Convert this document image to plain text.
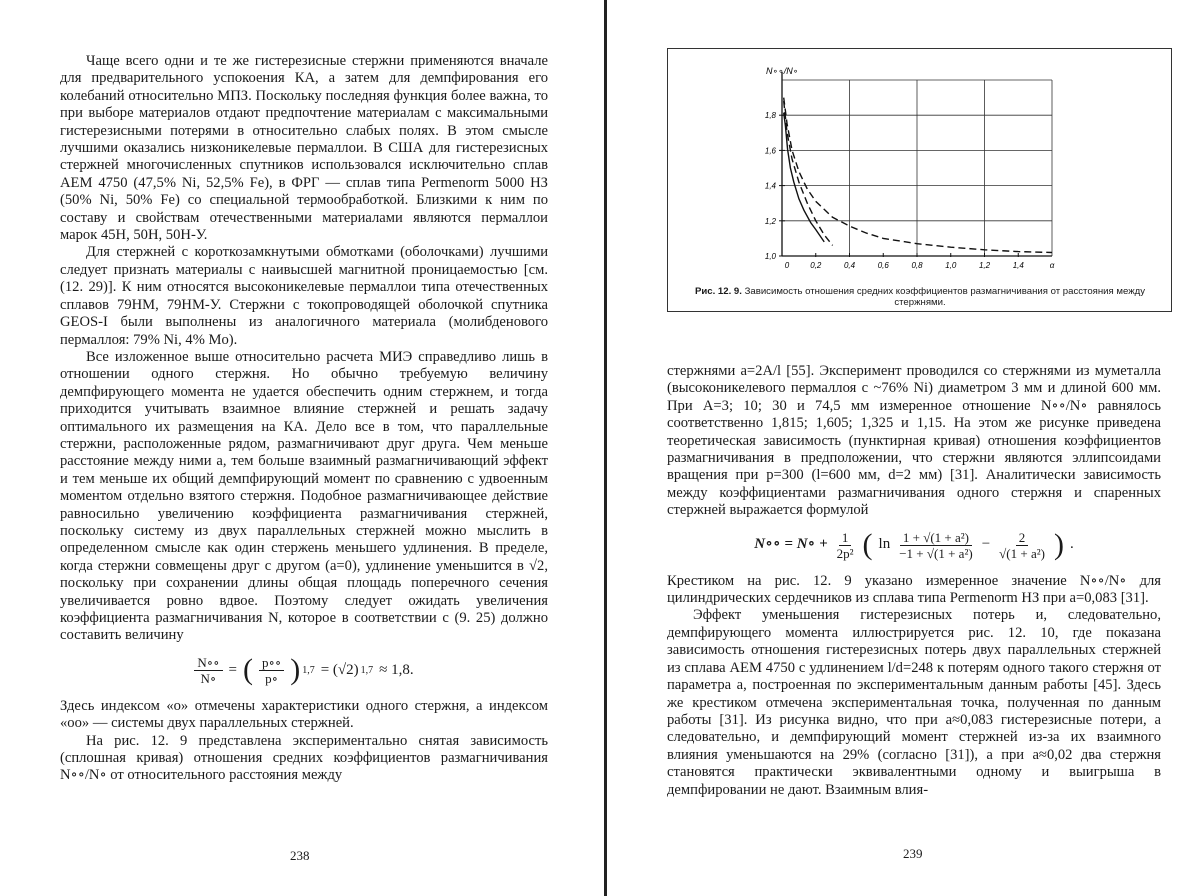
Чаще всего одни и те же гистерезисные стержни применяются вначале для предварительного успокоения КА, а затем для демпфирования его колебаний относительно МПЗ. Поскольку последняя функция более важна, то при выборе материалов отдают предпочтение материалам с максимальными гистерезисными потерями в относительно слабых полях. В этом смысле лучшими оказались низконикелевые пермаллои. В США для гистерезисных стержней многочисленных спутников использовался исключительно сплав АЕМ 4750 (47,5% Ni, 52,5% Fe), в ФРГ — сплав типа Permenorm 5000 НЗ (50% Ni, 50% Fe) со специальной термообработкой. Близкими к ним по составу и свойствам отечественными материалами являются пермаллои марок 45Н, 50Н, 50Н-У.

Для стержней с короткозамкнутыми обмотками (оболочками) лучшими следует признать материалы с наивысшей магнитной проницаемостью [см. (12. 29)]. К ним относятся высоконикелевые пермаллои типа отечественных сплавов 79НМ, 79НМ-У. Стержни с токопроводящей оболочкой спутника GEOS-I были выполнены из аналогичного материала (молибденового пермаллоя: 79% Ni, 4% Mo).

Все изложенное выше относительно расчета МИЭ справедливо лишь в отношении одного стержня. Но обычно требуемую величину демпфирующего момента не удается обеспечить одним стержнем, и тогда приходится учитывать взаимное влияние стержней и решать задачу оптимального их размещения на КА. Дело все в том, что параллельные стержни, расположенные рядом, размагничивают друг друга. Чем меньше расстояние между ними a, тем больше взаимный размагничивающий эффект и тем меньше их общий демпфирующий момент по сравнению с удвоенным моментом отдельно взятого стержня. Подобное размагничивающее действие равносильно увеличению коэффициента размагничивания стержней, поскольку систему из двух параллельных стержней можно мыслить в определенном смысле как один стержень меньшего удлинения. В пределе, когда стержни совмещены друг с другом (a=0), удлинение уменьшится в √2, поскольку при сохранении длины общая площадь поперечного сечения увеличивается ровно вдвое. Поэтому следует ожидать увеличения коэффициента размагничивания N, которое в соответствии с (9. 25) должно составить величину

N∘∘
N∘
= ( p∘∘
p∘ ) 1,7 = (√2) 1,7 ≈ 1,8.

Здесь индексом «о» отмечены характеристики одного стержня, а индексом «оо» — системы двух параллельных стержней.

На рис. 12. 9 представлена экспериментально снятая зависимость (сплошная кривая) отношения средних коэффициентов размагничивания N∘∘/N∘ от относительного расстояния между

238
1,8
1,6
1,4
1,2
1,0
0	0,2	0,4	0,6	0,8	1,0	1,2	1,4	α
N∘∘/N∘
Рис. 12. 9. Зависимость отношения средних коэффициентов размагничивания от расстояния между стержнями.

стержнями a=2A/l [55]. Эксперимент проводился со стержнями из муметалла (высоконикелевого пермаллоя с ~76% Ni) диаметром 3 мм и длиной 600 мм. При A=3; 10; 30 и 74,5 мм измеренное отношение N∘∘/N∘ равнялось соответственно 1,815; 1,605; 1,325 и 1,15. На этом же рисунке приведена теоретическая зависимость (пунктирная кривая) отношения коэффициентов размагничивания в предположении, что стержни являются эллипсоидами вращения при p=300 (l=600 мм, d=2 мм) [31]. Аналитически зависимость между коэффициентами размагничивания одного стержня и спаренных стержней выражается формулой

N∘∘ = N∘ + 1
2p² ( ln 1 + √(1 + a²)
−1 + √(1 + a²)
− 2
√(1 + a²) ) .

Крестиком на рис. 12. 9 указано измеренное значение N∘∘/N∘ для цилиндрических сердечников из сплава типа Permenorm НЗ при a=0,083 [31].

Эффект уменьшения гистерезисных потерь и, следовательно, демпфирующего момента иллюстрируется рис. 12. 10, где показана зависимость отношения гистерезисных потерь двух параллельных стержней из сплава АЕМ 4750 с удлинением l/d=248 к потерям одного такого стержня от параметра a, построенная по экспериментальным данным работы [45]. Здесь же крестиком отмечена экспериментальная точка, полученная по данным работы [31]. Из рисунка видно, что при a≈0,083 гистерезисные потери, а следовательно, и демпфирующий момент стержней из-за их взаимного влияния уменьшаются на 29% (согласно [31]), а при a≈0,02 два стержня становятся практически эквивалентными одному и выигрыша в демпфировании не дают. Взаимным влия-

239
